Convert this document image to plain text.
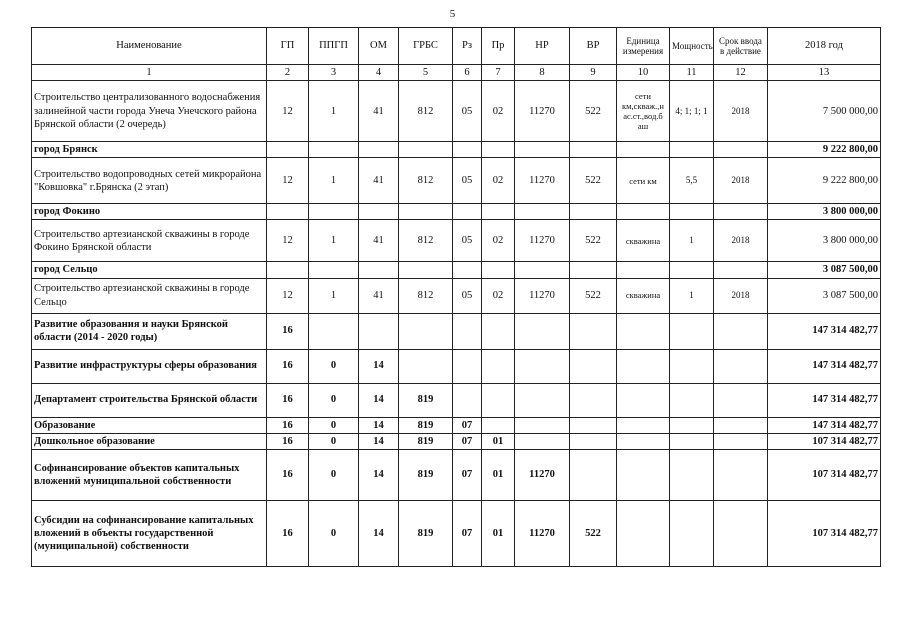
5
Наименование	ГП	ППГП	ОМ	ГРБС	Рз	Пр	НР	ВР	Единица измерения	Мощность	Срок ввода в действие	2018 год
1	2	3	4	5	6	7	8	9	10	11	12	13
Строительство централизованного водоснабжения залинейной части города Унеча Унечского района Брянской области (2 очередь)	12	1	41	812	05	02	11270	522	сети км,скваж.,н ас.ст.,вод.б аш	4; 1; 1; 1	2018	7 500 000,00
город Брянск												9 222 800,00
Строительство водопроводных сетей микрорайона "Ковшовка" г.Брянска (2 этап)	12	1	41	812	05	02	11270	522	сети км	5,5	2018	9 222 800,00
город Фокино												3 800 000,00
Строительство артезианской скважины в городе Фокино Брянской области	12	1	41	812	05	02	11270	522	скважина	1	2018	3 800 000,00
город Сельцо												3 087 500,00
Строительство артезианской скважины в городе Сельцо	12	1	41	812	05	02	11270	522	скважина	1	2018	3 087 500,00
Развитие образования и науки Брянской области (2014 - 2020 годы)	16											147 314 482,77
Развитие инфраструктуры сферы образования	16	0	14									147 314 482,77
Департамент строительства Брянской области	16	0	14	819								147 314 482,77
Образование	16	0	14	819	07							147 314 482,77
Дошкольное образование	16	0	14	819	07	01						107 314 482,77
Софинансирование объектов капитальных вложений муниципальной собственности	16	0	14	819	07	01	11270					107 314 482,77
Субсидии на софинансирование капитальных вложений в объекты государственной (муниципальной) собственности	16	0	14	819	07	01	11270	522				107 314 482,77
